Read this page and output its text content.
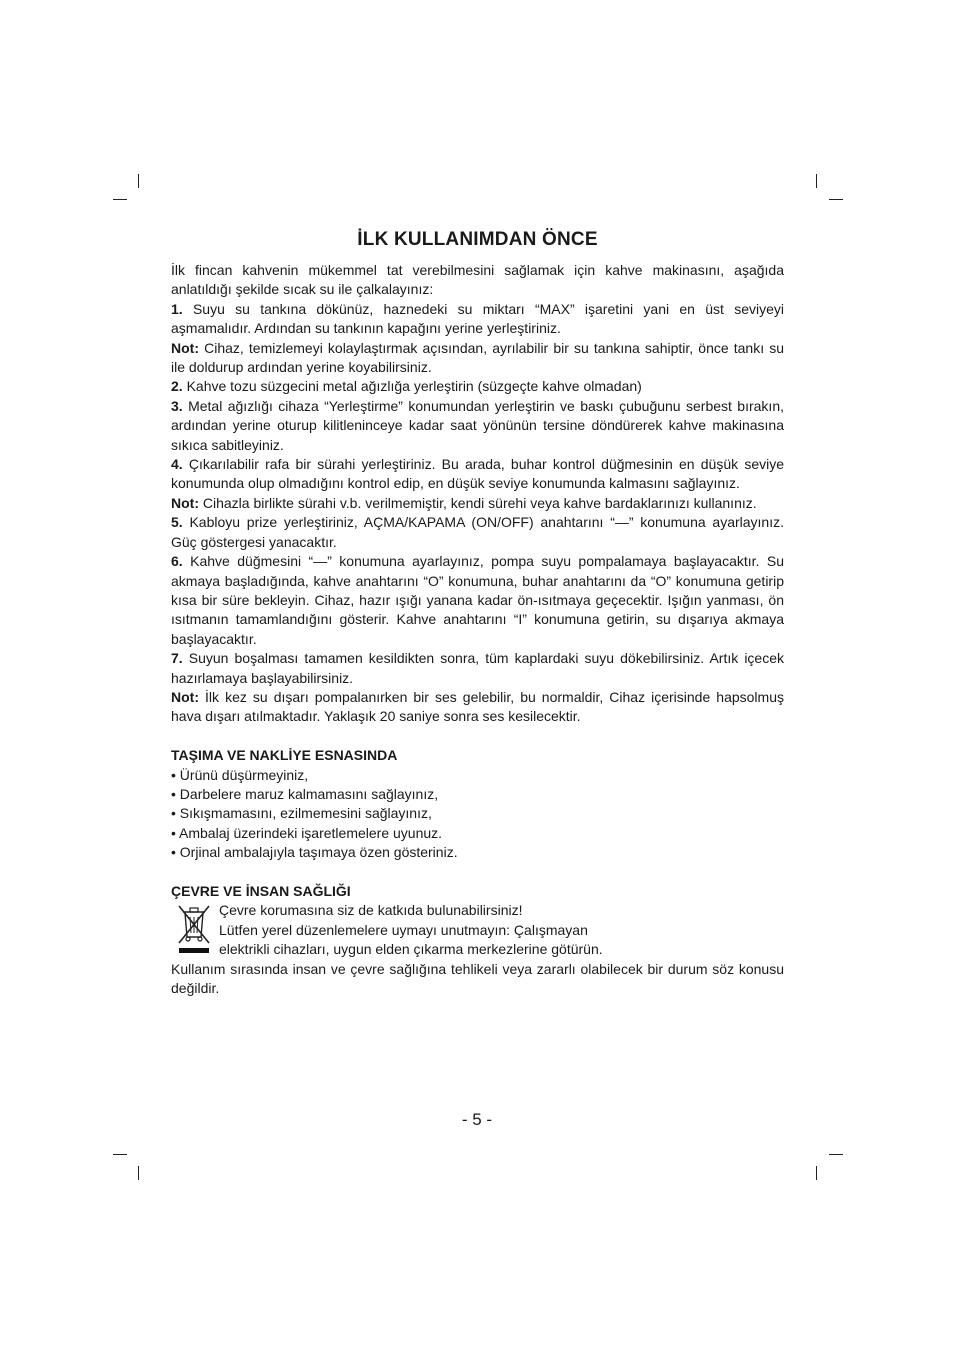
İLK KULLANIMDAN ÖNCE

İlk fincan kahvenin mükemmel tat verebilmesini sağlamak için kahve makinasını, aşağıda anlatıldığı şekilde sıcak su ile çalkalayınız:

1. Suyu su tankına dökünüz, haznedeki su miktarı “MAX” işaretini yani en üst seviyeyi aşmamalıdır. Ardından su tankının kapağını yerine yerleştiriniz.

Not: Cihaz, temizlemeyi kolaylaştırmak açısından, ayrılabilir bir su tankına sahiptir, önce tankı su ile doldurup ardından yerine koyabilirsiniz.

2. Kahve tozu süzgecini metal ağızlığa yerleştirin (süzgeçte kahve olmadan)

3. Metal ağızlığı cihaza “Yerleştirme” konumundan yerleştirin ve baskı çubuğunu serbest bırakın, ardından yerine oturup kilitleninceye kadar saat yönünün tersine döndürerek kahve makinasına sıkıca sabitleyiniz.

4. Çıkarılabilir rafa bir sürahi yerleştiriniz. Bu arada, buhar kontrol düğmesinin en düşük seviye konumunda olup olmadığını kontrol edip, en düşük seviye konumunda kalmasını sağlayınız.

Not: Cihazla birlikte sürahi v.b. verilmemiştir, kendi sürehi veya kahve bardaklarınızı kullanınız.

5. Kabloyu prize yerleştiriniz, AÇMA/KAPAMA (ON/OFF) anahtarını “—” konumuna ayarlayınız. Güç göstergesi yanacaktır.

6. Kahve düğmesini “—” konumuna ayarlayınız, pompa suyu pompalamaya başlayacaktır. Su akmaya başladığında, kahve anahtarını “O” konumuna, buhar anahtarını da “O” konumuna getirip kısa bir süre bekleyin. Cihaz, hazır ışığı yanana kadar ön-ısıtmaya geçecektir. Işığın yanması, ön ısıtmanın tamamlandığını gösterir. Kahve anahtarını “I” konumuna getirin, su dışarıya akmaya başlayacaktır.

7. Suyun boşalması tamamen kesildikten sonra, tüm kaplardaki suyu dökebilirsiniz. Artık içecek hazırlamaya başlayabilirsiniz.

Not: İlk kez su dışarı pompalanırken bir ses gelebilir, bu normaldir, Cihaz içerisinde hapsolmuş hava dışarı atılmaktadır. Yaklaşık 20 saniye sonra ses kesilecektir.

TAŞIMA VE NAKLİYE ESNASINDA

• Ürünü düşürmeyiniz,

• Darbelere maruz kalmamasını sağlayınız,

• Sıkışmamasını, ezilmemesini sağlayınız,

• Ambalaj üzerindeki işaretlemelere uyunuz.

• Orjinal ambalajıyla taşımaya özen gösteriniz.

ÇEVRE VE İNSAN SAĞLIĞI

Çevre korumasına siz de katkıda bulunabilirsiniz!

Lütfen yerel düzenlemelere uymayı unutmayın: Çalışmayan

elektrikli cihazları, uygun elden çıkarma merkezlerine götürün.

Kullanım sırasında insan ve çevre sağlığına tehlikeli veya zararlı olabilecek bir durum söz konusu değildir.

- 5 -
